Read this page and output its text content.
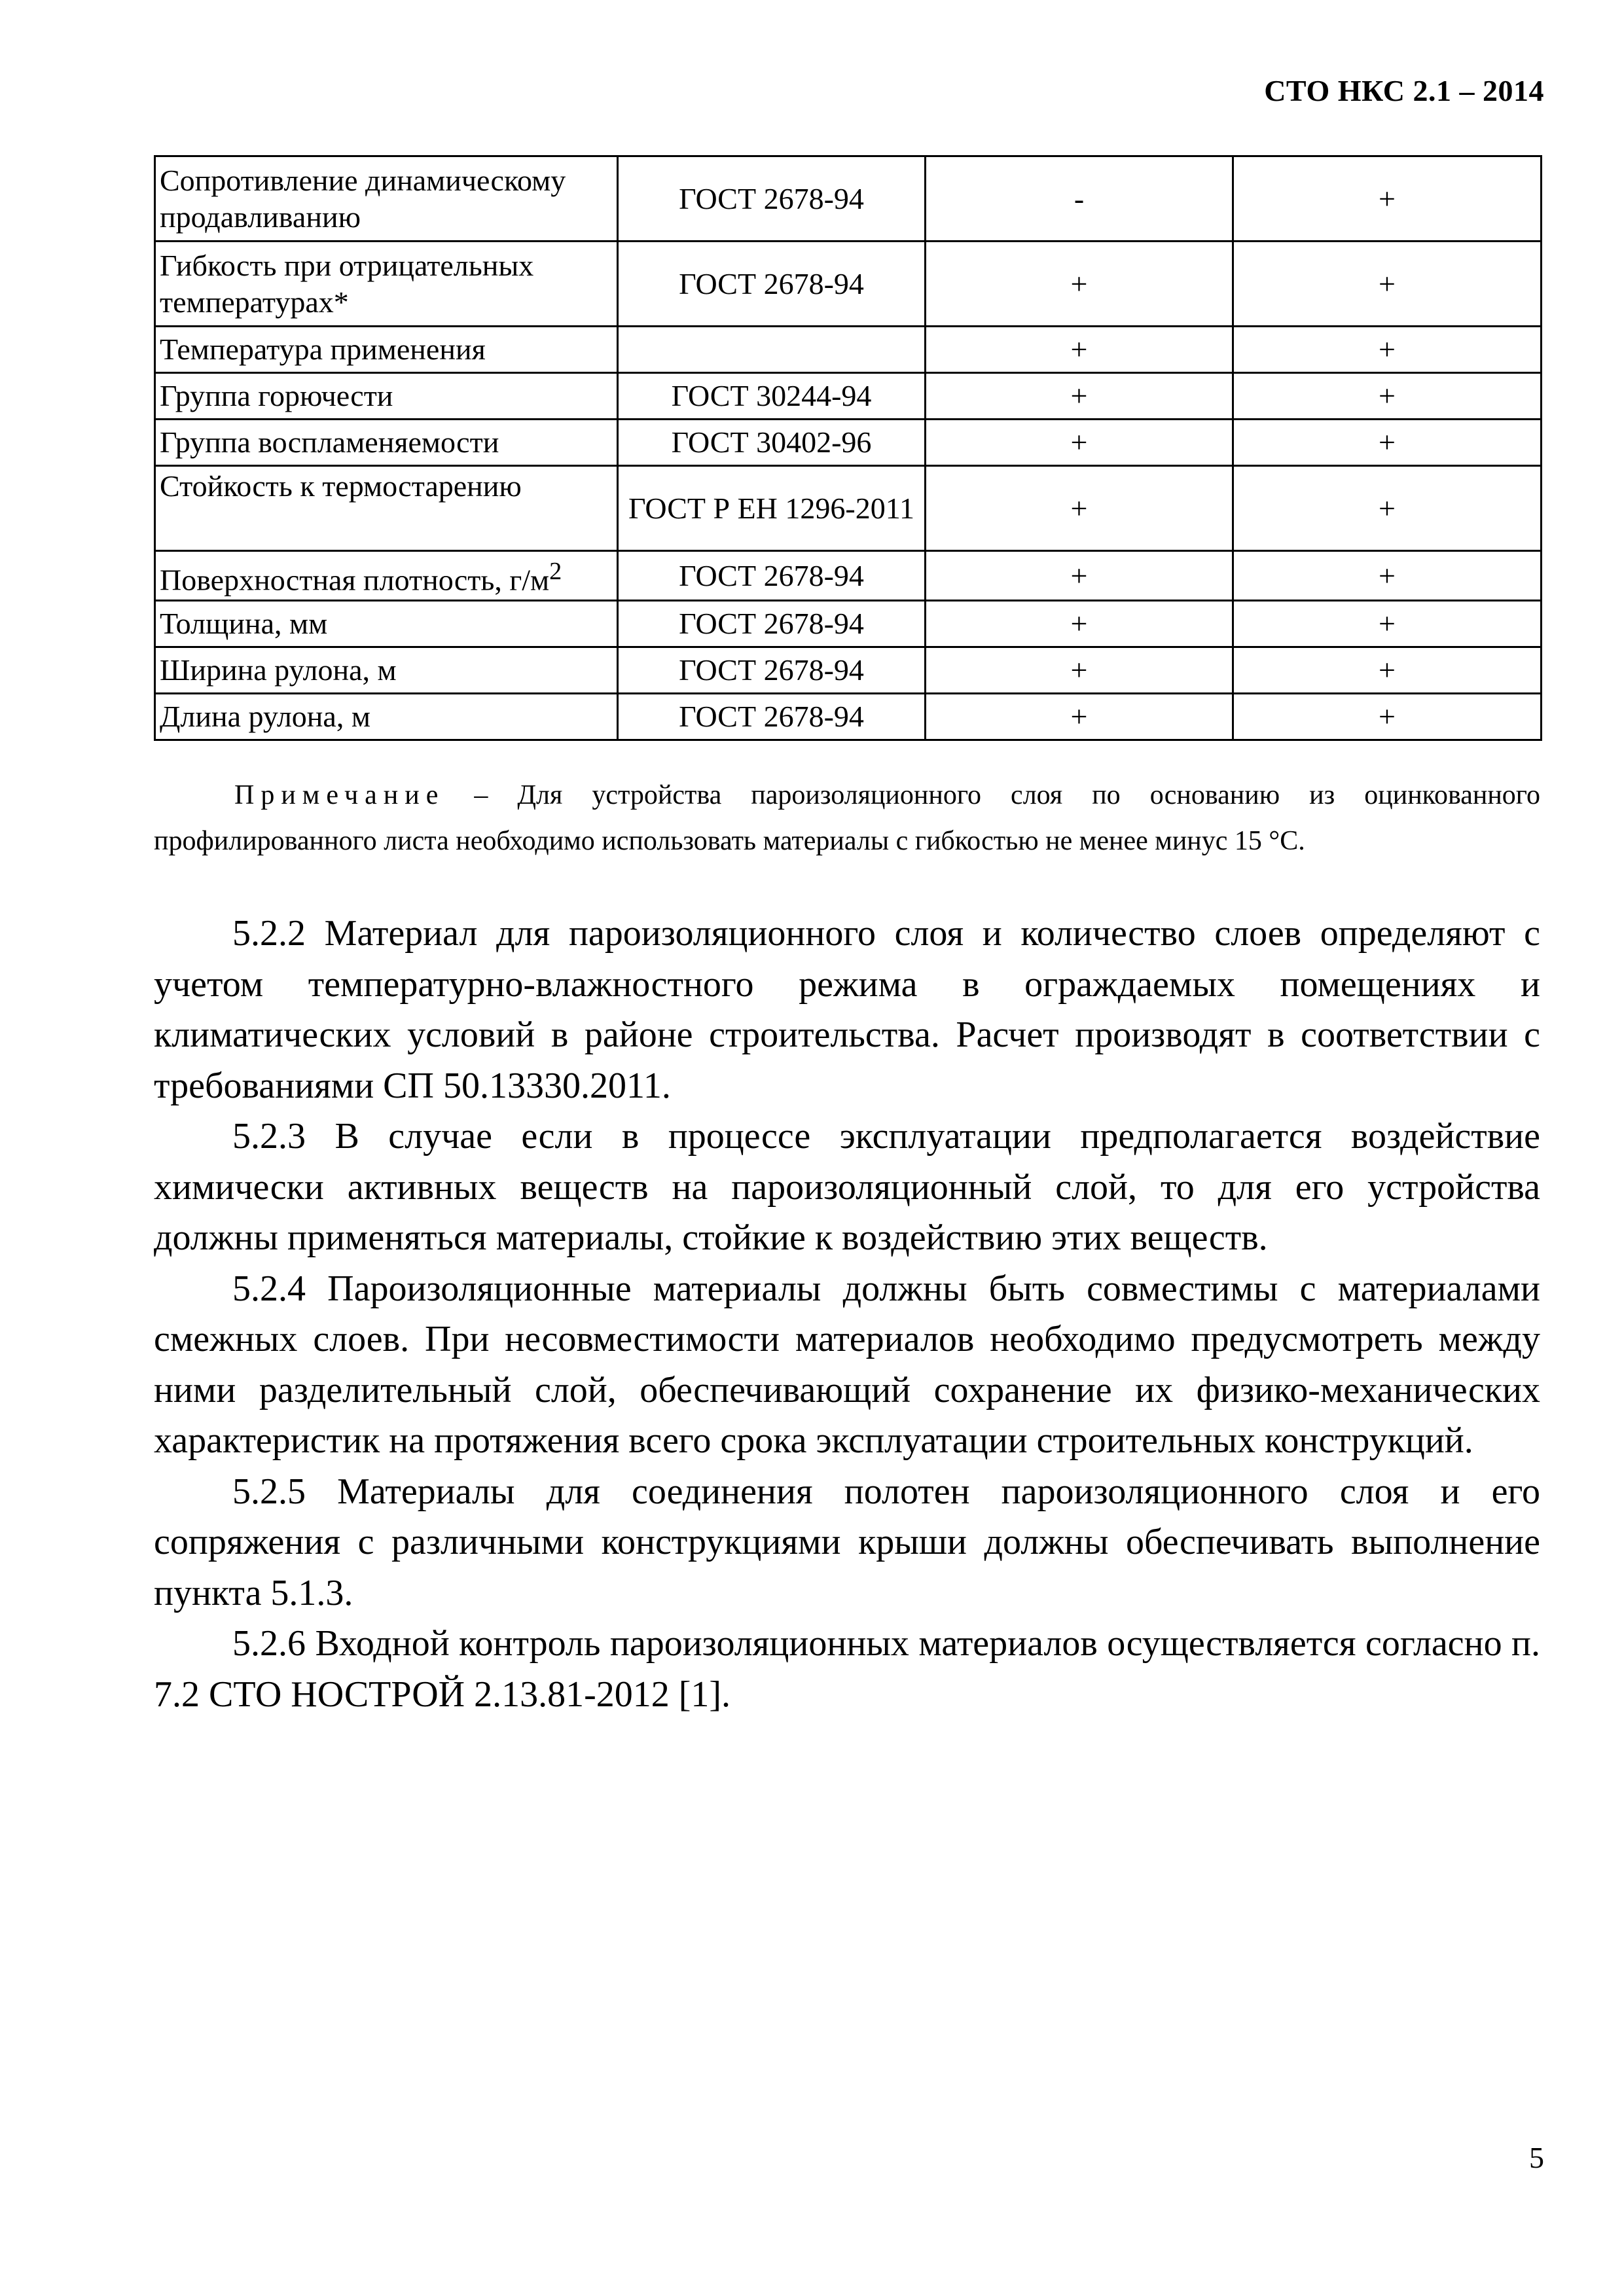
СТО НКС 2.1 – 2014
Сопротивление динамическому продавливанию	ГОСТ 2678-94	-	+
Гибкость при отрицательных температурах*	ГОСТ 2678-94	+	+
Температура применения		+	+
Группа горючести	ГОСТ 30244-94	+	+
Группа воспламеняемости	ГОСТ 30402-96	+	+
Стойкость к термостарению	ГОСТ Р ЕН 1296-2011	+	+
Поверхностная плотность, $г/м^2$	ГОСТ 2678-94	+	+
Толщина, мм	ГОСТ 2678-94	+	+
Ширина рулона, м	ГОСТ 2678-94	+	+
Длина рулона, м	ГОСТ 2678-94	+	+
Примечание – Для устройства пароизоляционного слоя по основанию из оцинкованного профилированного листа необходимо использовать материалы с гибкостью не менее минус 15 °С.

5.2.2 Материал для пароизоляционного слоя и количество слоев определяют с учетом температурно-влажностного режима в ограждаемых помещениях и климатических условий в районе строительства. Расчет производят в соответствии с требованиями СП 50.13330.2011.

5.2.3 В случае если в процессе эксплуатации предполагается воздействие химически активных веществ на пароизоляционный слой, то для его устройства должны применяться материалы, стойкие к воздействию этих веществ.

5.2.4 Пароизоляционные материалы должны быть совместимы с материалами смежных слоев. При несовместимости материалов необходимо предусмотреть между ними разделительный слой, обеспечивающий сохранение их физико-механических характеристик на протяжения всего срока эксплуатации строительных конструкций.

5.2.5 Материалы для соединения полотен пароизоляционного слоя и его сопряжения с различными конструкциями крыши должны обеспечивать выполнение пункта 5.1.3.

5.2.6 Входной контроль пароизоляционных материалов осуществляется согласно п. 7.2 СТО НОСТРОЙ 2.13.81-2012 [1].

5
